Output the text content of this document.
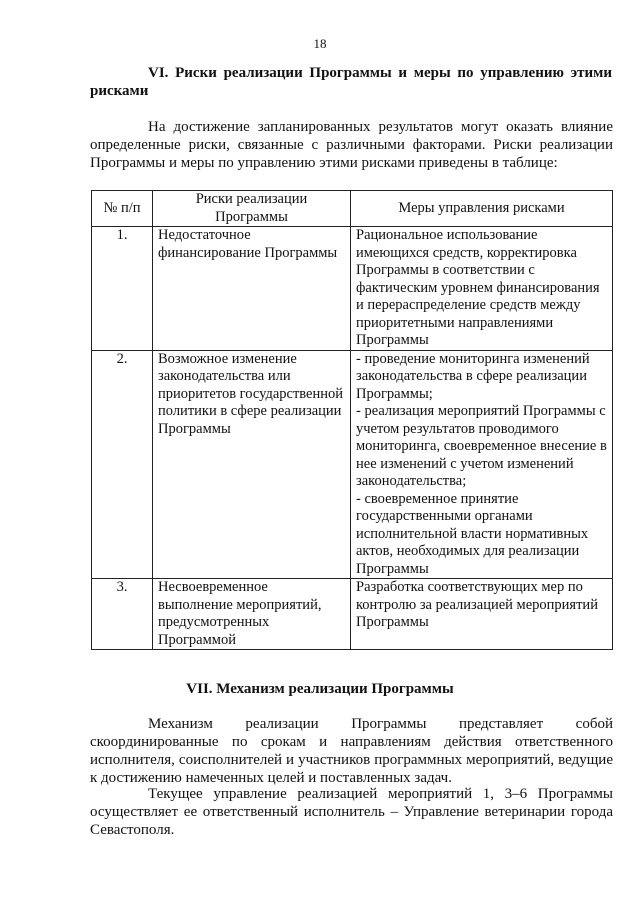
18
VI. Риски реализации Программы и меры по управлению этими рисками
На достижение запланированных результатов могут оказать влияние определенные риски, связанные с различными факторами. Риски реализации Программы и меры по управлению этими рисками приведены в таблице:
№ п/п	Риски реализации Программы	Меры управления рисками
1.	Недостаточное финансирование Программы	Рациональное использование имеющихся средств, корректировка Программы в соответствии с фактическим уровнем финансирования и перераспределение средств между приоритетными направлениями Программы

2.	Возможное изменение законодательства или приоритетов государственной политики в сфере реализации Программы	- проведение мониторинга изменений законодательства в сфере реализации Программы;
- реализация мероприятий Программы с учетом результатов проводимого мониторинга, своевременное внесение в нее изменений с учетом изменений законодательства;
- своевременное принятие государственными органами исполнительной власти нормативных актов, необходимых для реализации Программы

3.	Несвоевременное выполнение мероприятий, предусмотренных Программой	Разработка соответствующих мер по контролю за реализацией мероприятий Программы
VII. Механизм реализации Программы
Механизм реализации Программы представляет собой скоординированные по срокам и направлениям действия ответственного исполнителя, соисполнителей и участников программных мероприятий, ведущие к достижению намеченных целей и поставленных задач.
Текущее управление реализацией мероприятий 1, 3–6 Программы осуществляет ее ответственный исполнитель – Управление ветеринарии города Севастополя.
